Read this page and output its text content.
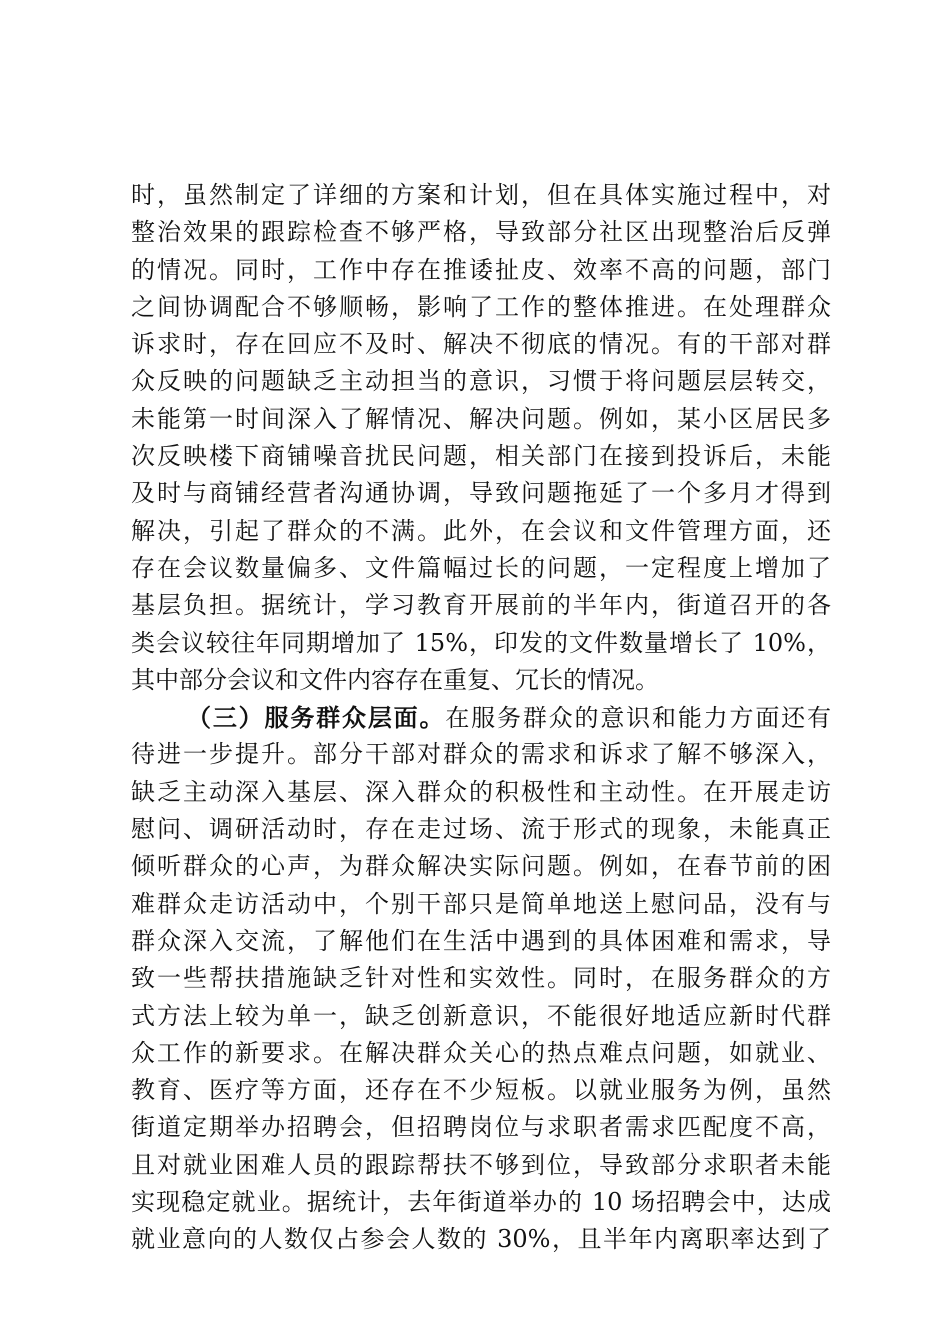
时，虽然制定了详细的方案和计划，但在具体实施过程中，对
整治效果的跟踪检查不够严格，导致部分社区出现整治后反弹
的情况。同时，工作中存在推诿扯皮、效率不高的问题，部门
之间协调配合不够顺畅，影响了工作的整体推进。在处理群众
诉求时，存在回应不及时、解决不彻底的情况。有的干部对群
众反映的问题缺乏主动担当的意识，习惯于将问题层层转交，
未能第一时间深入了解情况、解决问题。例如，某小区居民多
次反映楼下商铺噪音扰民问题，相关部门在接到投诉后，未能
及时与商铺经营者沟通协调，导致问题拖延了一个多月才得到
解决，引起了群众的不满。此外，在会议和文件管理方面，还
存在会议数量偏多、文件篇幅过长的问题，一定程度上增加了
基层负担。据统计，学习教育开展前的半年内，街道召开的各
类会议较往年同期增加了 15%，印发的文件数量增长了 10%，
其中部分会议和文件内容存在重复、冗长的情况。
（三）服务群众层面。在服务群众的意识和能力方面还有
待进一步提升。部分干部对群众的需求和诉求了解不够深入，
缺乏主动深入基层、深入群众的积极性和主动性。在开展走访
慰问、调研活动时，存在走过场、流于形式的现象，未能真正
倾听群众的心声，为群众解决实际问题。例如，在春节前的困
难群众走访活动中，个别干部只是简单地送上慰问品，没有与
群众深入交流，了解他们在生活中遇到的具体困难和需求，导
致一些帮扶措施缺乏针对性和实效性。同时，在服务群众的方
式方法上较为单一，缺乏创新意识，不能很好地适应新时代群
众工作的新要求。在解决群众关心的热点难点问题，如就业、
教育、医疗等方面，还存在不少短板。以就业服务为例，虽然
街道定期举办招聘会，但招聘岗位与求职者需求匹配度不高，
且对就业困难人员的跟踪帮扶不够到位，导致部分求职者未能
实现稳定就业。据统计，去年街道举办的 10 场招聘会中，达成
就业意向的人数仅占参会人数的 30%，且半年内离职率达到了
